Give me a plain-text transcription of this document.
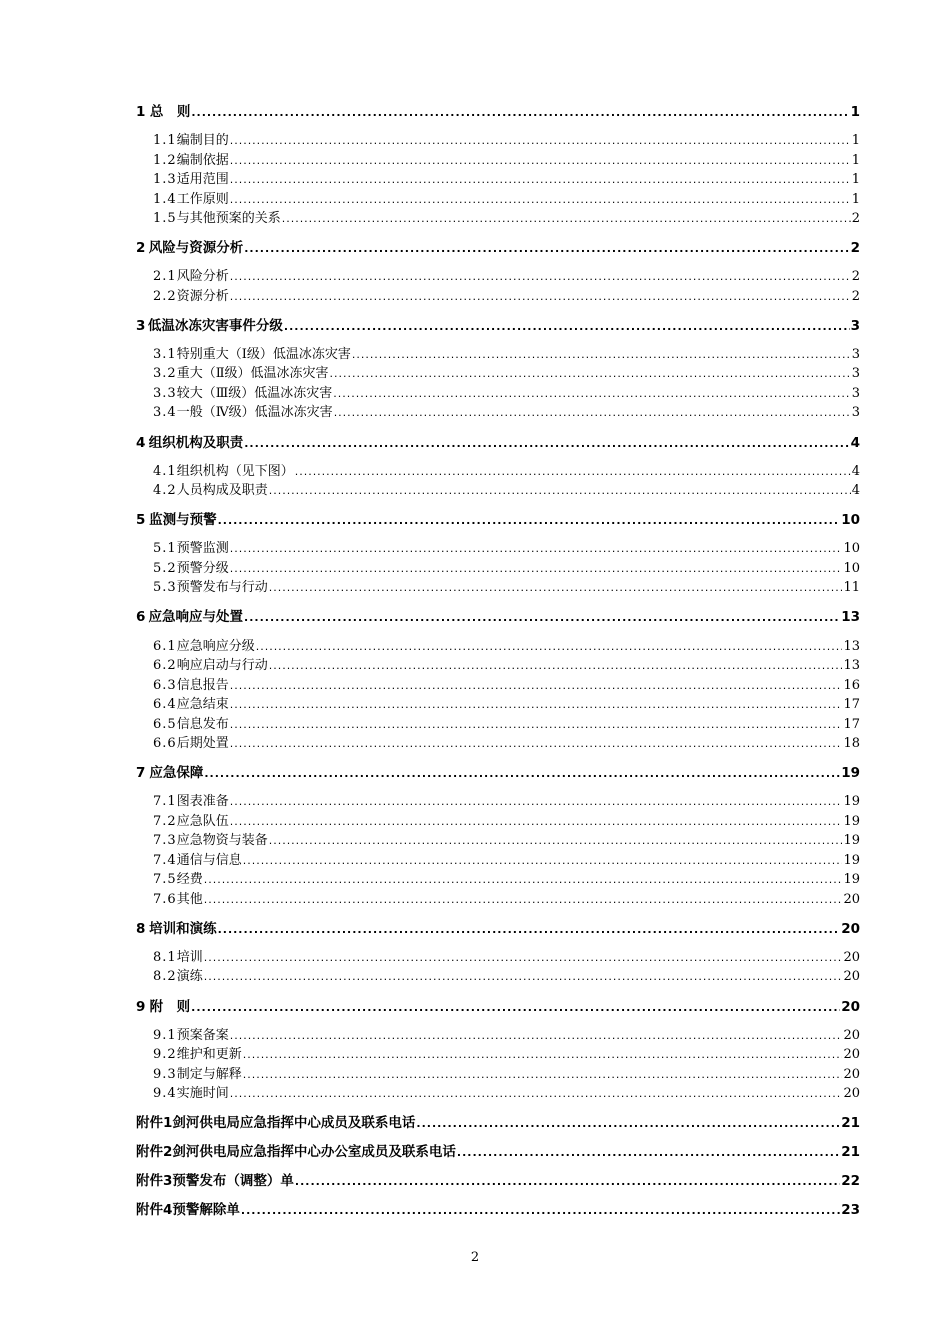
1 总　则 .....	1
1.1 编制目的 .....	1
1.2 编制依据 .....	1
1.3 适用范围 .....	1
1.4 工作原则 .....	1
1.5 与其他预案的关系 .....	2
2 风险与资源分析 .....	2
2.1 风险分析 .....	2
2.2 资源分析 .....	2
3 低温冰冻灾害事件分级 .....	3
3.1 特别重大（Ⅰ级）低温冰冻灾害 .....	3
3.2 重大（Ⅱ级）低温冰冻灾害 .....	3
3.3 较大（Ⅲ级）低温冰冻灾害 .....	3
3.4 一般（Ⅳ级）低温冰冻灾害 .....	3
4 组织机构及职责 .....	4
4.1 组织机构（见下图） .....	4
4.2 人员构成及职责 .....	4
5 监测与预警 .....	10
5.1 预警监测 .....	10
5.2 预警分级 .....	10
5.3 预警发布与行动 .....	11
6 应急响应与处置 .....	13
6.1 应急响应分级 .....	13
6.2 响应启动与行动 .....	13
6.3 信息报告 .....	16
6.4 应急结束 .....	17
6.5 信息发布 .....	17
6.6 后期处置 .....	18
7 应急保障 .....	19
7.1 图表准备 .....	19
7.2 应急队伍 .....	19
7.3 应急物资与装备 .....	19
7.4 通信与信息 .....	19
7.5 经费 .....	19
7.6 其他 .....	20
8 培训和演练 .....	20
8.1 培训 .....	20
8.2 演练 .....	20
9 附　则 .....	20
9.1 预案备案 .....	20
9.2 维护和更新 .....	20
9.3 制定与解释 .....	20
9.4 实施时间 .....	20
附件1 剑河供电局应急指挥中心成员及联系电话 .....	21
附件2 剑河供电局应急指挥中心办公室成员及联系电话 .....	21
附件3 预警发布（调整）单 .....	22
附件4 预警解除单 .....	23
2
